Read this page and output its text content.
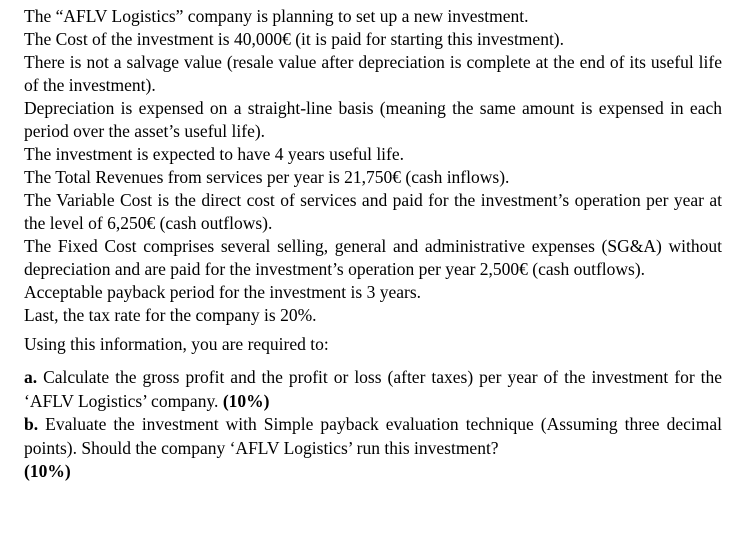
The “AFLV Logistics” company is planning to set up a new investment.

The Cost of the investment is 40,000€ (it is paid for starting this investment).

There is not a salvage value (resale value after depreciation is complete at the end of its useful life of the investment).

Depreciation is expensed on a straight-line basis (meaning the same amount is expensed in each period over the asset’s useful life).

The investment is expected to have 4 years useful life.

The Total Revenues from services per year is 21,750€ (cash inflows).

The Variable Cost is the direct cost of services and paid for the investment’s operation per year at the level of 6,250€ (cash outflows).

The Fixed Cost comprises several selling, general and administrative expenses (SG&A) without depreciation and are paid for the investment’s operation per year 2,500€ (cash outflows).

Acceptable payback period for the investment is 3 years.

Last, the tax rate for the company is 20%.

Using this information, you are required to:

a. Calculate the gross profit and the profit or loss (after taxes) per year of the investment for the ‘AFLV Logistics’ company. (10%)

b. Evaluate the investment with Simple payback evaluation technique (Assuming three decimal points). Should the company ‘AFLV Logistics’ run this investment?
(10%)
